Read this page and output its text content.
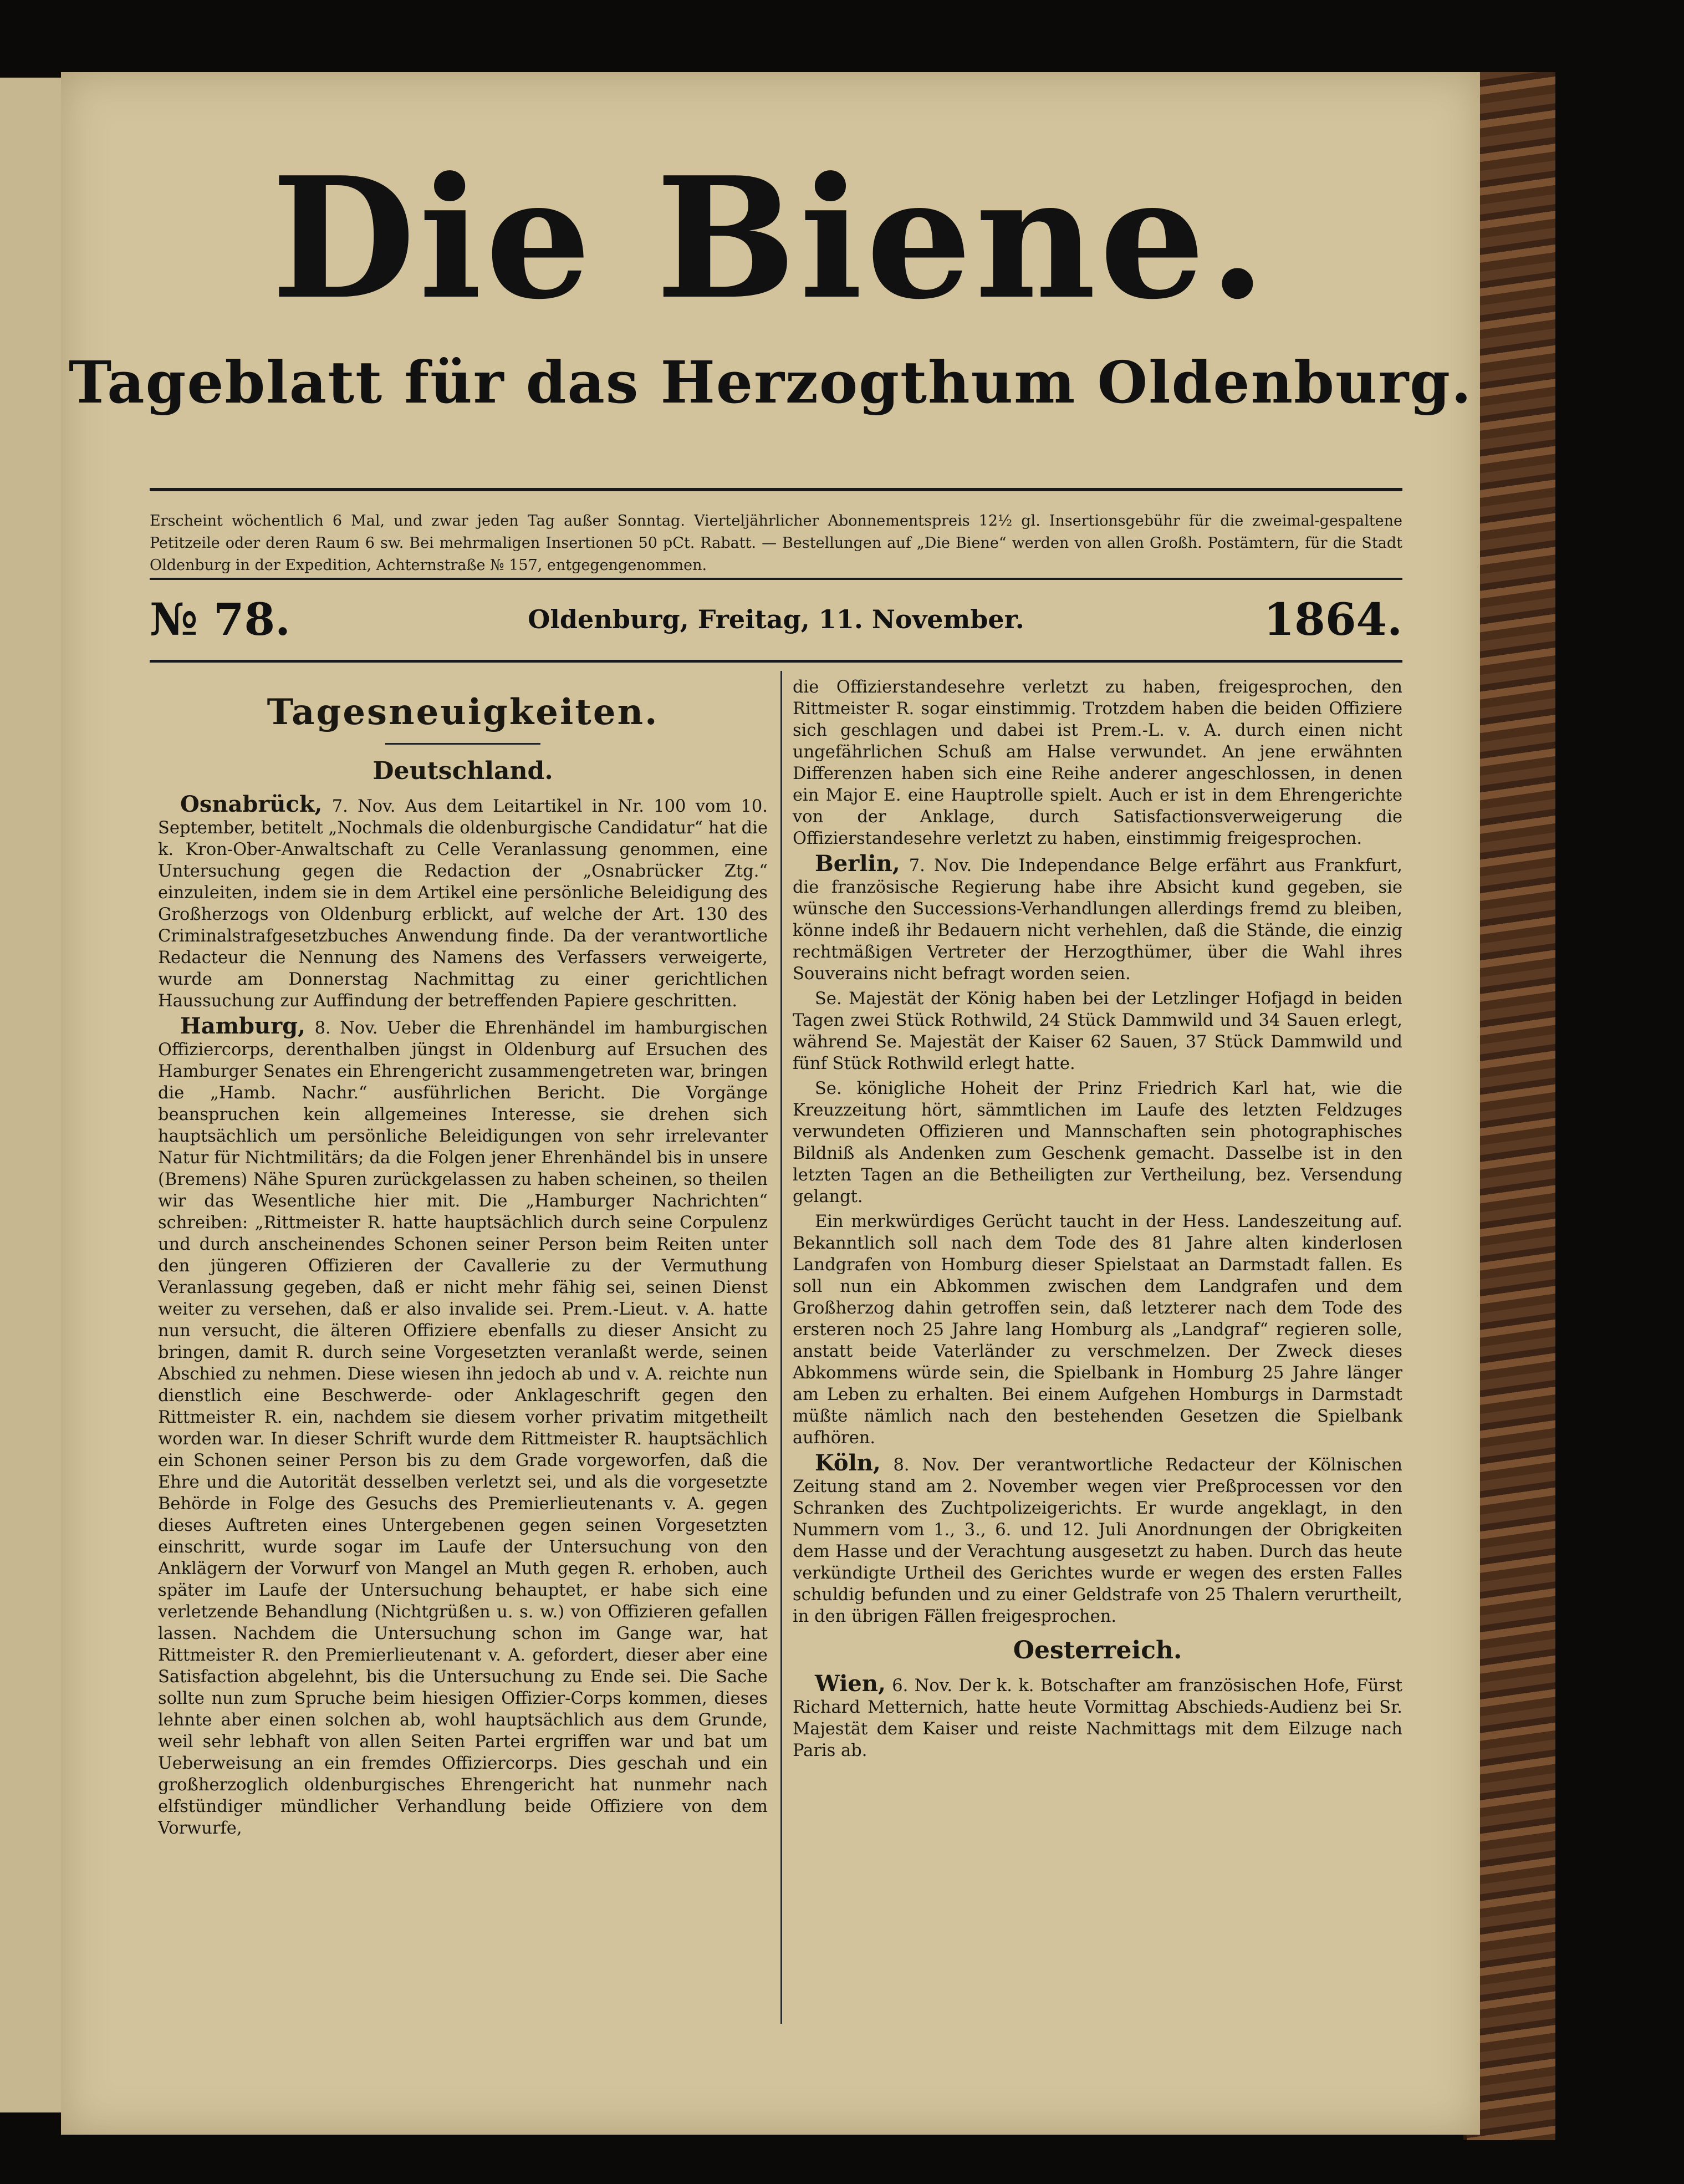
Die Biene.
Tageblatt für das Herzogthum Oldenburg.
Erscheint wöchentlich 6 Mal, und zwar jeden Tag außer Sonntag. Vierteljährlicher Abonnementspreis 12½ gl. Insertionsgebühr für die zweimal-gespaltene Petitzeile oder deren Raum 6 sw. Bei mehrmaligen Insertionen 50 pCt. Rabatt. — Bestellungen auf „Die Biene“ werden von allen Großh. Postämtern, für die Stadt Oldenburg in der Expedition, Achternstraße № 157, entgegengenommen.
№ 78.	Oldenburg, Freitag, 11. November.	1864.
Tagesneuigkeiten.
Deutschland.

Osnabrück, 7. Nov. Aus dem Leitartikel in Nr. 100 vom 10. September, betitelt „Nochmals die oldenburgische Candidatur“ hat die k. Kron-Ober-Anwaltschaft zu Celle Veranlassung genommen, eine Untersuchung gegen die Redaction der „Osnabrücker Ztg.“ einzuleiten, indem sie in dem Artikel eine persönliche Beleidigung des Großherzogs von Oldenburg erblickt, auf welche der Art. 130 des Criminalstrafgesetzbuches Anwendung finde. Da der verantwortliche Redacteur die Nennung des Namens des Verfassers verweigerte, wurde am Donnerstag Nachmittag zu einer gerichtlichen Haussuchung zur Auffindung der betreffenden Papiere geschritten.

Hamburg, 8. Nov. Ueber die Ehrenhändel im hamburgischen Offiziercorps, derenthalben jüngst in Oldenburg auf Ersuchen des Hamburger Senates ein Ehrengericht zusammengetreten war, bringen die „Hamb. Nachr.“ ausführlichen Bericht. Die Vorgänge beanspruchen kein allgemeines Interesse, sie drehen sich hauptsächlich um persönliche Beleidigungen von sehr irrelevanter Natur für Nichtmilitärs; da die Folgen jener Ehrenhändel bis in unsere (Bremens) Nähe Spuren zurückgelassen zu haben scheinen, so theilen wir das Wesentliche hier mit. Die „Hamburger Nachrichten“ schreiben: „Rittmeister R. hatte hauptsächlich durch seine Corpulenz und durch anscheinendes Schonen seiner Person beim Reiten unter den jüngeren Offizieren der Cavallerie zu der Vermuthung Veranlassung gegeben, daß er nicht mehr fähig sei, seinen Dienst weiter zu versehen, daß er also invalide sei. Prem.-Lieut. v. A. hatte nun versucht, die älteren Offiziere ebenfalls zu dieser Ansicht zu bringen, damit R. durch seine Vorgesetzten veranlaßt werde, seinen Abschied zu nehmen. Diese wiesen ihn jedoch ab und v. A. reichte nun dienstlich eine Beschwerde- oder Anklageschrift gegen den Rittmeister R. ein, nachdem sie diesem vorher privatim mitgetheilt worden war. In dieser Schrift wurde dem Rittmeister R. hauptsächlich ein Schonen seiner Person bis zu dem Grade vorgeworfen, daß die Ehre und die Autorität desselben verletzt sei, und als die vorgesetzte Behörde in Folge des Gesuchs des Premierlieutenants v. A. gegen dieses Auftreten eines Untergebenen gegen seinen Vorgesetzten einschritt, wurde sogar im Laufe der Untersuchung von den Anklägern der Vorwurf von Mangel an Muth gegen R. erhoben, auch später im Laufe der Untersuchung behauptet, er habe sich eine verletzende Behandlung (Nichtgrüßen u. s. w.) von Offizieren gefallen lassen. Nachdem die Untersuchung schon im Gange war, hat Rittmeister R. den Premierlieutenant v. A. gefordert, dieser aber eine Satisfaction abgelehnt, bis die Untersuchung zu Ende sei. Die Sache sollte nun zum Spruche beim hiesigen Offizier-Corps kommen, dieses lehnte aber einen solchen ab, wohl hauptsächlich aus dem Grunde, weil sehr lebhaft von allen Seiten Partei ergriffen war und bat um Ueberweisung an ein fremdes Offiziercorps. Dies geschah und ein großherzoglich oldenburgisches Ehrengericht hat nunmehr nach elfstündiger mündlicher Verhandlung beide Offiziere von dem Vorwurfe,

die Offizierstandesehre verletzt zu haben, freigesprochen, den Rittmeister R. sogar einstimmig. Trotzdem haben die beiden Offiziere sich geschlagen und dabei ist Prem.-L. v. A. durch einen nicht ungefährlichen Schuß am Halse verwundet. An jene erwähnten Differenzen haben sich eine Reihe anderer angeschlossen, in denen ein Major E. eine Hauptrolle spielt. Auch er ist in dem Ehrengerichte von der Anklage, durch Satisfactionsverweigerung die Offizierstandesehre verletzt zu haben, einstimmig freigesprochen.

Berlin, 7. Nov. Die Independance Belge erfährt aus Frankfurt, die französische Regierung habe ihre Absicht kund gegeben, sie wünsche den Successions-Verhandlungen allerdings fremd zu bleiben, könne indeß ihr Bedauern nicht verhehlen, daß die Stände, die einzig rechtmäßigen Vertreter der Herzogthümer, über die Wahl ihres Souverains nicht befragt worden seien.

Se. Majestät der König haben bei der Letzlinger Hofjagd in beiden Tagen zwei Stück Rothwild, 24 Stück Dammwild und 34 Sauen erlegt, während Se. Majestät der Kaiser 62 Sauen, 37 Stück Dammwild und fünf Stück Rothwild erlegt hatte.

Se. königliche Hoheit der Prinz Friedrich Karl hat, wie die Kreuzzeitung hört, sämmtlichen im Laufe des letzten Feldzuges verwundeten Offizieren und Mannschaften sein photographisches Bildniß als Andenken zum Geschenk gemacht. Dasselbe ist in den letzten Tagen an die Betheiligten zur Vertheilung, bez. Versendung gelangt.

Ein merkwürdiges Gerücht taucht in der Hess. Landeszeitung auf. Bekanntlich soll nach dem Tode des 81 Jahre alten kinderlosen Landgrafen von Homburg dieser Spielstaat an Darmstadt fallen. Es soll nun ein Abkommen zwischen dem Landgrafen und dem Großherzog dahin getroffen sein, daß letzterer nach dem Tode des ersteren noch 25 Jahre lang Homburg als „Landgraf“ regieren solle, anstatt beide Vaterländer zu verschmelzen. Der Zweck dieses Abkommens würde sein, die Spielbank in Homburg 25 Jahre länger am Leben zu erhalten. Bei einem Aufgehen Homburgs in Darmstadt müßte nämlich nach den bestehenden Gesetzen die Spielbank aufhören.

Köln, 8. Nov. Der verantwortliche Redacteur der Kölnischen Zeitung stand am 2. November wegen vier Preßprocessen vor den Schranken des Zuchtpolizeigerichts. Er wurde angeklagt, in den Nummern vom 1., 3., 6. und 12. Juli Anordnungen der Obrigkeiten dem Hasse und der Verachtung ausgesetzt zu haben. Durch das heute verkündigte Urtheil des Gerichtes wurde er wegen des ersten Falles schuldig befunden und zu einer Geldstrafe von 25 Thalern verurtheilt, in den übrigen Fällen freigesprochen.

Oesterreich.

Wien, 6. Nov. Der k. k. Botschafter am französischen Hofe, Fürst Richard Metternich, hatte heute Vormittag Abschieds-Audienz bei Sr. Majestät dem Kaiser und reiste Nachmittags mit dem Eilzuge nach Paris ab.
